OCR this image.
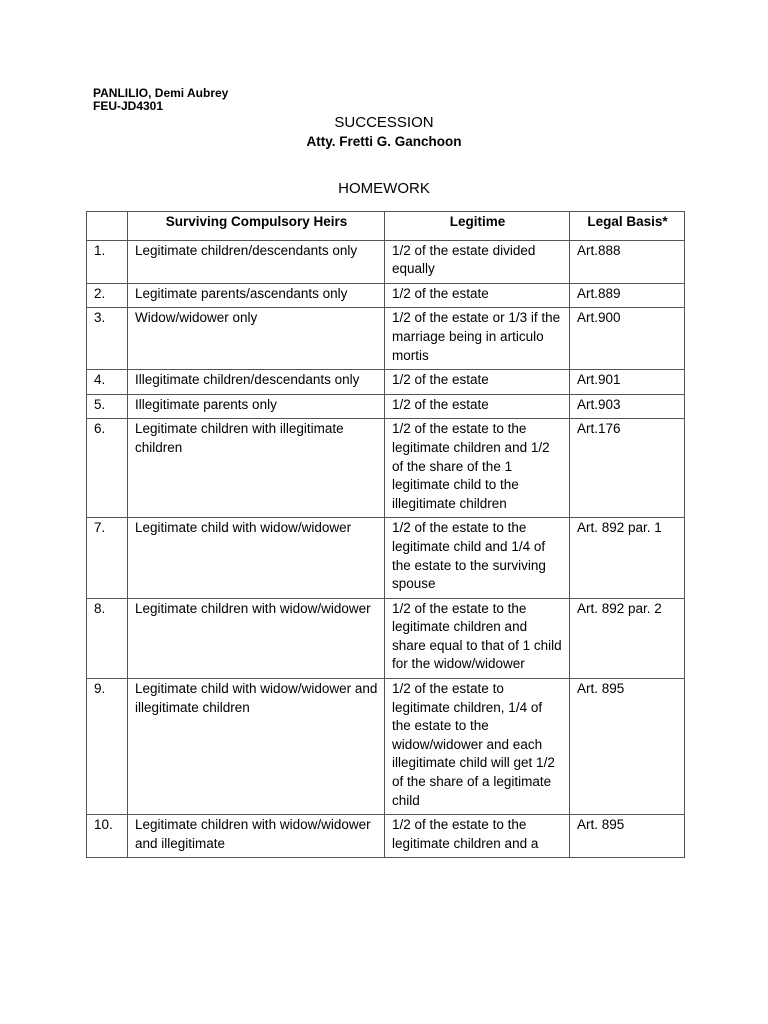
PANLILIO, Demi Aubrey
FEU-JD4301
SUCCESSION
Atty. Fretti G. Ganchoon
HOMEWORK
	Surviving Compulsory Heirs	Legitime	Legal Basis*
1.	Legitimate children/descendants only	1/2 of the estate divided equally	Art.888
2.	Legitimate parents/ascendants only	1/2 of the estate	Art.889
3.	Widow/widower only	1/2 of the estate or 1/3 if the marriage being in articulo mortis	Art.900
4.	Illegitimate children/descendants only	1/2 of the estate	Art.901
5.	Illegitimate parents only	1/2 of the estate	Art.903
6.	Legitimate children with illegitimate children	1/2 of the estate to the legitimate children and 1/2 of the share of the 1 legitimate child to the illegitimate children	Art.176
7.	Legitimate child with widow/widower	1/2 of the estate to the legitimate child and 1/4 of the estate to the surviving spouse	Art. 892 par. 1
8.	Legitimate children with widow/widower	1/2 of the estate to the legitimate children and share equal to that of 1 child for the widow/widower	Art. 892 par. 2
9.	Legitimate child with widow/widower and illegitimate children	1/2 of the estate to legitimate children, 1/4 of the estate to the widow/widower and each illegitimate child will get 1/2 of the share of a legitimate child	Art. 895
10.	Legitimate children with widow/widower and illegitimate	1/2 of the estate to the legitimate children and a	Art. 895
